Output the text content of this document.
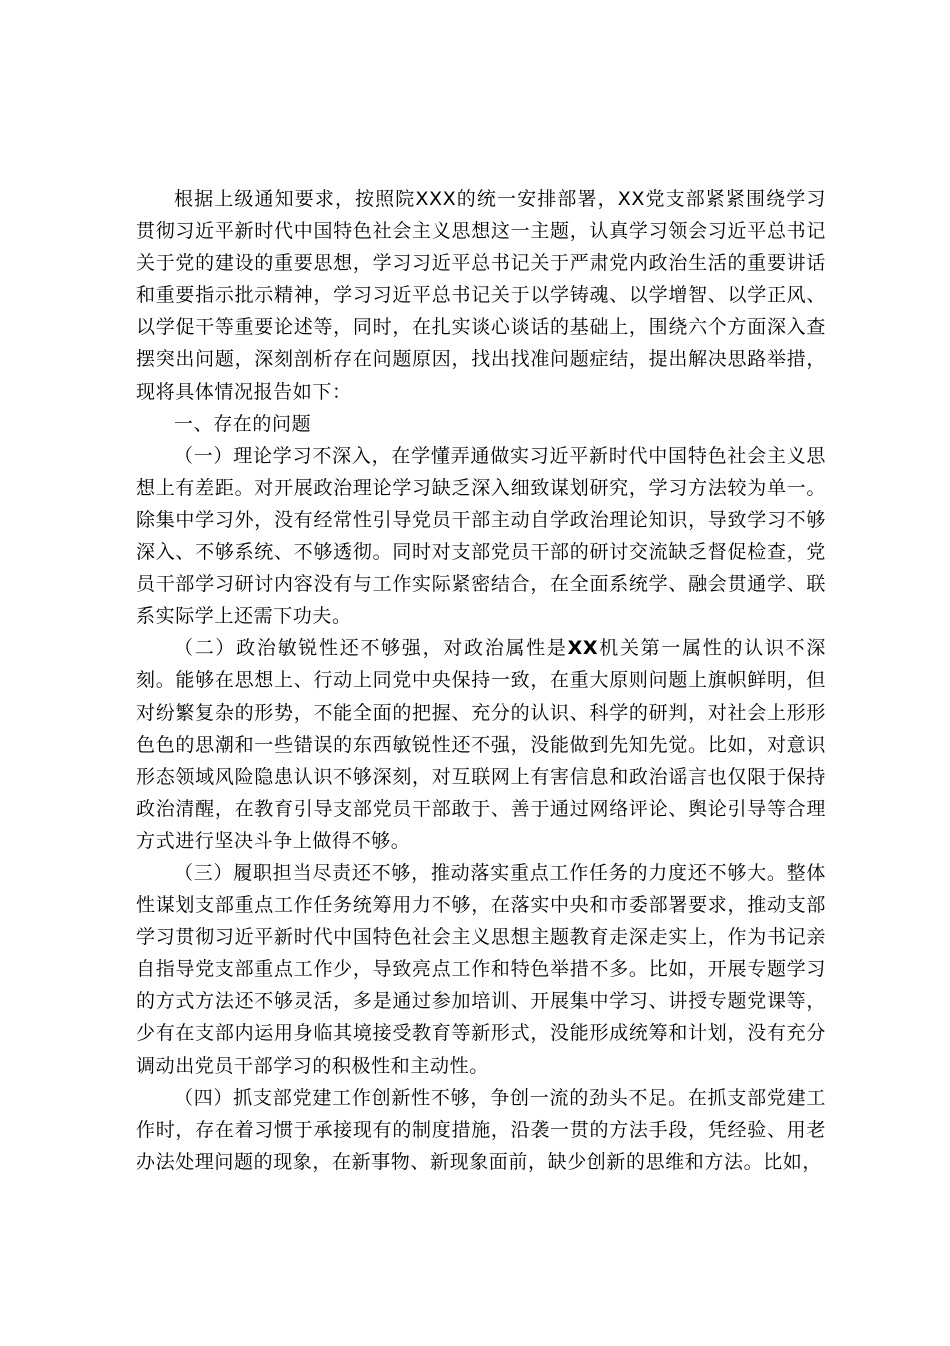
根据上级通知要求，按照院XXX的统一安排部署，XX党支部紧紧围绕学习贯彻习近平新时代中国特色社会主义思想这一主题，认真学习领会习近平总书记关于党的建设的重要思想，学习习近平总书记关于严肃党内政治生活的重要讲话和重要指示批示精神，学习习近平总书记关于以学铸魂、以学增智、以学正风、以学促干等重要论述等，同时，在扎实谈心谈话的基础上，围绕六个方面深入查摆突出问题，深刻剖析存在问题原因，找出找准问题症结，提出解决思路举措，现将具体情况报告如下：

一、存在的问题

（一）理论学习不深入，在学懂弄通做实习近平新时代中国特色社会主义思想上有差距。对开展政治理论学习缺乏深入细致谋划研究，学习方法较为单一。除集中学习外，没有经常性引导党员干部主动自学政治理论知识，导致学习不够深入、不够系统、不够透彻。同时对支部党员干部的研讨交流缺乏督促检查，党员干部学习研讨内容没有与工作实际紧密结合，在全面系统学、融会贯通学、联系实际学上还需下功夫。

（二）政治敏锐性还不够强，对政治属性是XX机关第一属性的认识不深刻。能够在思想上、行动上同党中央保持一致，在重大原则问题上旗帜鲜明，但对纷繁复杂的形势，不能全面的把握、充分的认识、科学的研判，对社会上形形色色的思潮和一些错误的东西敏锐性还不强，没能做到先知先觉。比如，对意识形态领域风险隐患认识不够深刻，对互联网上有害信息和政治谣言也仅限于保持政治清醒，在教育引导支部党员干部敢于、善于通过网络评论、舆论引导等合理方式进行坚决斗争上做得不够。

（三）履职担当尽责还不够，推动落实重点工作任务的力度还不够大。整体性谋划支部重点工作任务统筹用力不够，在落实中央和市委部署要求，推动支部学习贯彻习近平新时代中国特色社会主义思想主题教育走深走实上，作为书记亲自指导党支部重点工作少，导致亮点工作和特色举措不多。比如，开展专题学习的方式方法还不够灵活，多是通过参加培训、开展集中学习、讲授专题党课等，少有在支部内运用身临其境接受教育等新形式，没能形成统筹和计划，没有充分调动出党员干部学习的积极性和主动性。

（四）抓支部党建工作创新性不够，争创一流的劲头不足。在抓支部党建工作时，存在着习惯于承接现有的制度措施，沿袭一贯的方法手段，凭经验、用老办法处理问题的现象，在新事物、新现象面前，缺少创新的思维和方法。比如，
